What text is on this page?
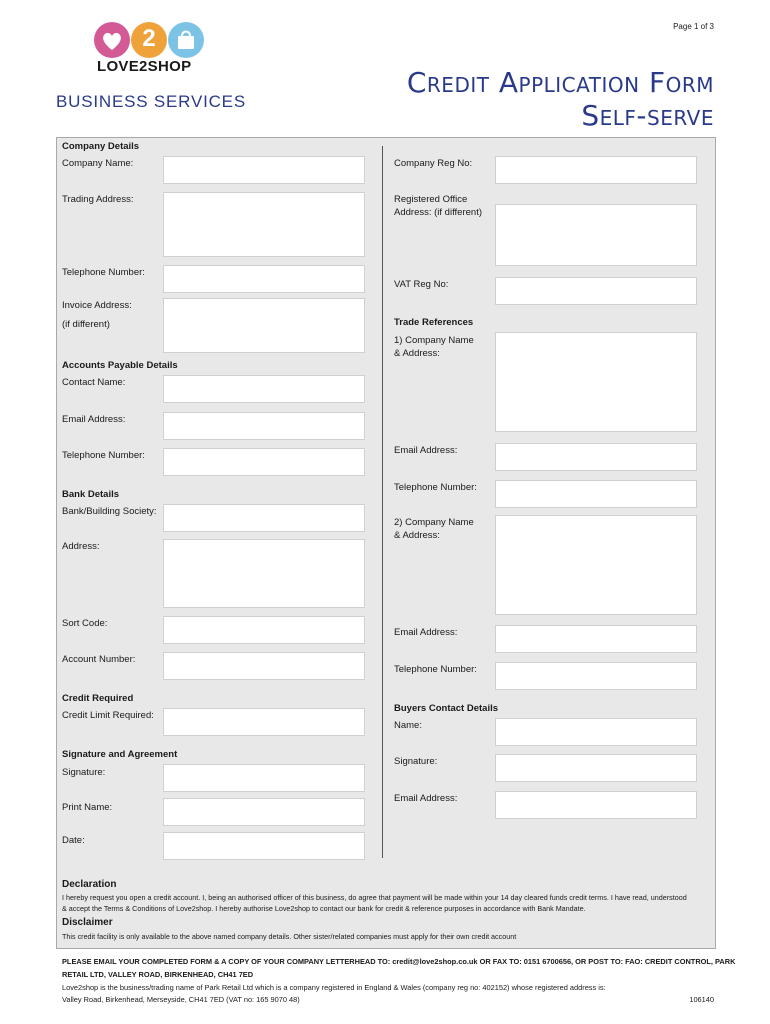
Page 1 of 3
2
LOVE2SHOP
BUSINESS SERVICES
Credit Application Form
Self-serve
Company Details
Company Name:
Trading Address:
Telephone Number:
Invoice Address:
(if different)
Accounts Payable Details
Contact Name:
Email Address:
Telephone Number:
Bank Details
Bank/Building Society:
Address:
Sort Code:
Account Number:
Credit Required
Credit Limit Required:
Signature and Agreement
Signature:
Print Name:
Date:
Company Reg No:
Registered Office
Address: (if different)
VAT Reg No:
Trade References
1) Company Name
& Address:
Email Address:
Telephone Number:
2) Company Name
& Address:
Email Address:
Telephone Number:
Buyers Contact Details
Name:
Signature:
Email Address:
Declaration
I hereby request you open a credit account. I, being an authorised officer of this business, do agree that payment will be made within your 14 day cleared funds credit terms. I have read, understood
& accept the Terms & Conditions of Love2shop. I hereby authorise Love2shop to contact our bank for credit & reference purposes in accordance with Bank Mandate.
Disclaimer
This credit facility is only available to the above named company details. Other sister/related companies must apply for their own credit account
PLEASE EMAIL YOUR COMPLETED FORM & A COPY OF YOUR COMPANY LETTERHEAD TO: credit@love2shop.co.uk OR FAX TO: 0151 6700656, OR POST TO: FAO: CREDIT CONTROL, PARK
RETAIL LTD, VALLEY ROAD, BIRKENHEAD, CH41 7ED
Love2shop is the business/trading name of Park Retail Ltd which is a company registered in England & Wales (company reg no: 402152) whose registered address is:
Valley Road, Birkenhead, Merseyside, CH41 7ED (VAT no: 165 9070 48)	106140
